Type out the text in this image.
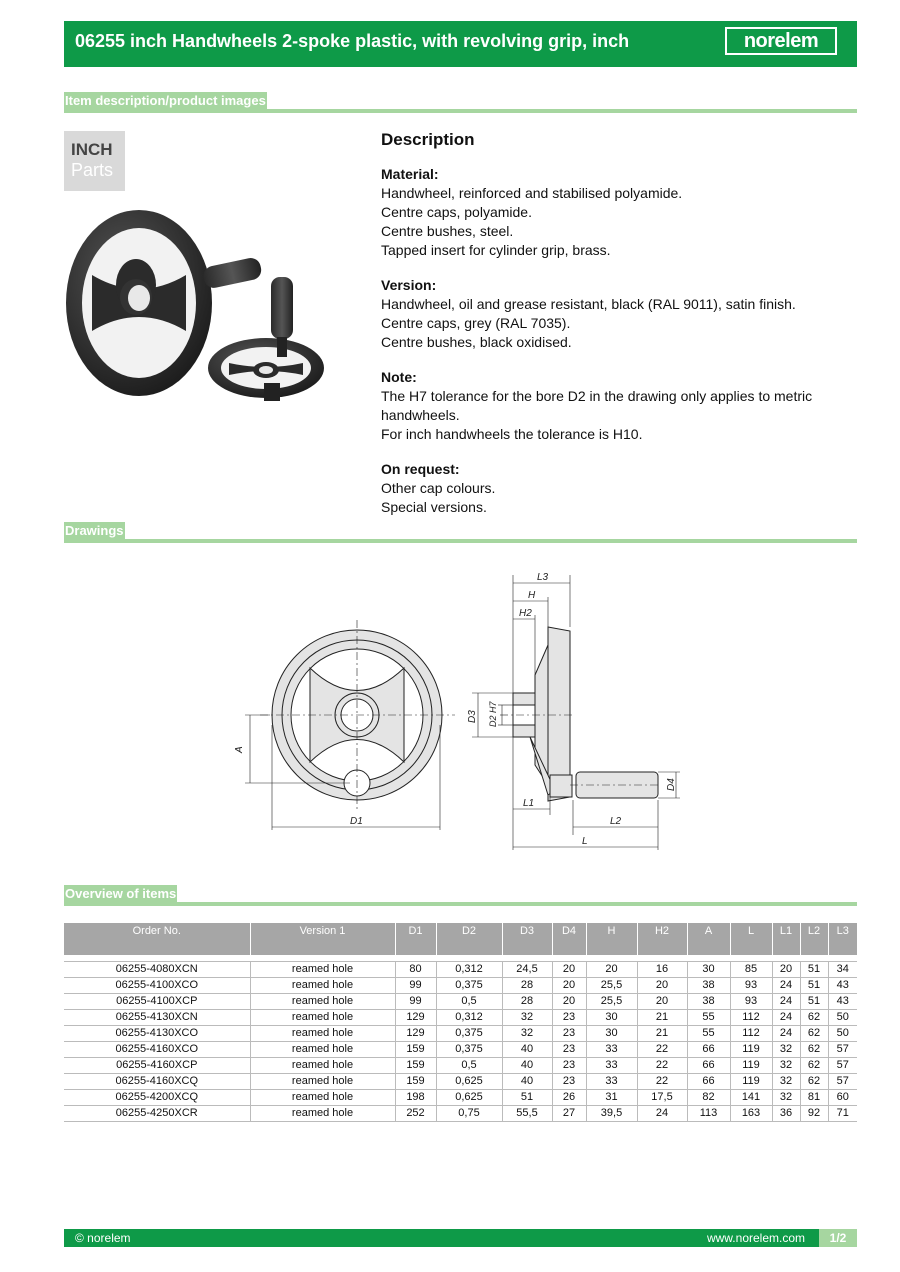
06255 inch Handwheels 2-spoke plastic, with revolving grip, inch	norelem
Item description/product images
INCH
Parts
Description
Material:
Handwheel, reinforced and stabilised polyamide.
Centre caps, polyamide.
Centre bushes, steel.
Tapped insert for cylinder grip, brass.
Version:
Handwheel, oil and grease resistant, black (RAL 9011), satin finish.
Centre caps, grey (RAL 7035).
Centre bushes, black oxidised.
Note:
The H7 tolerance for the bore D2 in the drawing only applies to metric handwheels.
For inch handwheels the tolerance is H10.
On request:
Other cap colours.
Special versions.
Drawings
A
D1
L3
H
H2
D3 D2 H7
L1
L2
L
D4
Overview of items
Order No.	Version 1	D1	D2	D3	D4	H	H2	A	L	L1	L2	L3

06255-4080XCN	reamed hole	80	0,312	24,5	20	20	16	30	85	20	51	34
06255-4100XCO	reamed hole	99	0,375	28	20	25,5	20	38	93	24	51	43
06255-4100XCP	reamed hole	99	0,5	28	20	25,5	20	38	93	24	51	43
06255-4130XCN	reamed hole	129	0,312	32	23	30	21	55	112	24	62	50
06255-4130XCO	reamed hole	129	0,375	32	23	30	21	55	112	24	62	50
06255-4160XCO	reamed hole	159	0,375	40	23	33	22	66	119	32	62	57
06255-4160XCP	reamed hole	159	0,5	40	23	33	22	66	119	32	62	57
06255-4160XCQ	reamed hole	159	0,625	40	23	33	22	66	119	32	62	57
06255-4200XCQ	reamed hole	198	0,625	51	26	31	17,5	82	141	32	81	60
06255-4250XCR	reamed hole	252	0,75	55,5	27	39,5	24	113	163	36	92	71
© norelem	www.norelem.com	1/2
